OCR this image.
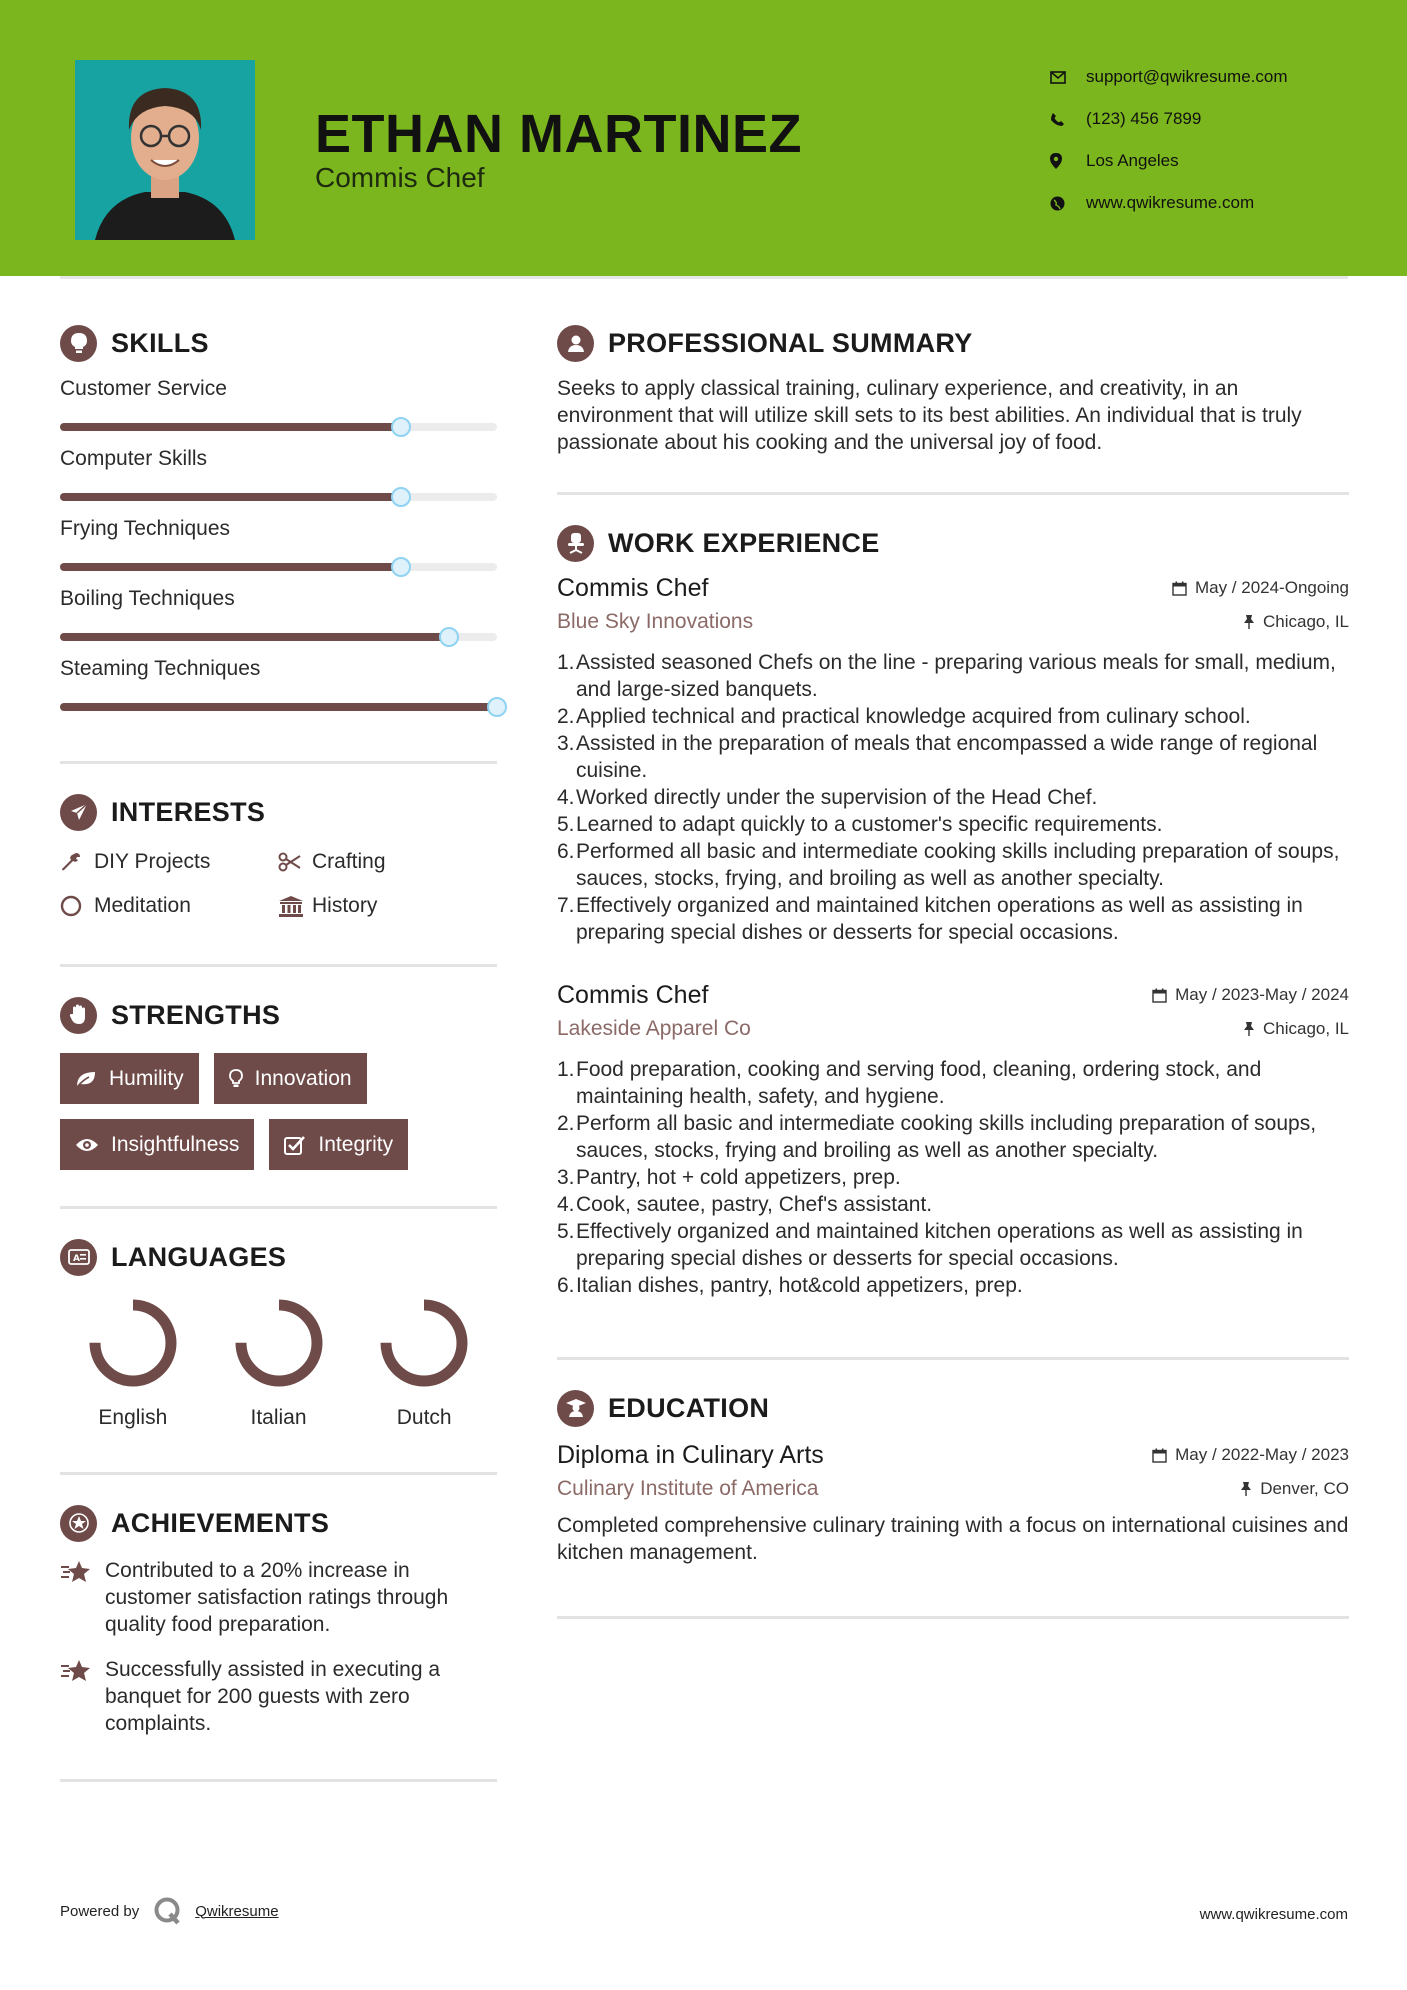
ETHAN MARTINEZ
Commis Chef
support@qwikresume.com
(123) 456 7899
Los Angeles
www.qwikresume.com
SKILLS
Customer Service
Computer Skills
Frying Techniques
Boiling Techniques
Steaming Techniques
INTERESTS
DIY Projects	Crafting
Meditation	History
STRENGTHS
Humility	Innovation
Insightfulness	Integrity
A LANGUAGES
English	Italian	Dutch
ACHIEVEMENTS
Contributed to a 20% increase in customer satisfaction ratings through quality food preparation.
Successfully assisted in executing a banquet for 200 guests with zero complaints.
PROFESSIONAL SUMMARY

Seeks to apply classical training, culinary experience, and creativity, in an environment that will utilize skill sets to its best abilities. An individual that is truly passionate about his cooking and the universal joy of food.

WORK EXPERIENCE
Commis Chef	May / 2024-Ongoing
Blue Sky Innovations	Chicago, IL
1. Assisted seasoned Chefs on the line - preparing various meals for small, medium, and large-sized banquets.
2. Applied technical and practical knowledge acquired from culinary school.
3. Assisted in the preparation of meals that encompassed a wide range of regional cuisine.
4. Worked directly under the supervision of the Head Chef.
5. Learned to adapt quickly to a customer's specific requirements.
6. Performed all basic and intermediate cooking skills including preparation of soups, sauces, stocks, frying, and broiling as well as another specialty.
7. Effectively organized and maintained kitchen operations as well as assisting in preparing special dishes or desserts for special occasions.
Commis Chef	May / 2023-May / 2024
Lakeside Apparel Co	Chicago, IL
1. Food preparation, cooking and serving food, cleaning, ordering stock, and maintaining health, safety, and hygiene.
2. Perform all basic and intermediate cooking skills including preparation of soups, sauces, stocks, frying and broiling as well as another specialty.
3. Pantry, hot + cold appetizers, prep.
4. Cook, sautee, pastry, Chef's assistant.
5. Effectively organized and maintained kitchen operations as well as assisting in preparing special dishes or desserts for special occasions.
6. Italian dishes, pantry, hot&cold appetizers, prep.
EDUCATION
Diploma in Culinary Arts	May / 2022-May / 2023
Culinary Institute of America	Denver, CO

Completed comprehensive culinary training with a focus on international cuisines and kitchen management.

Powered by	Qwikresume	www.qwikresume.com
